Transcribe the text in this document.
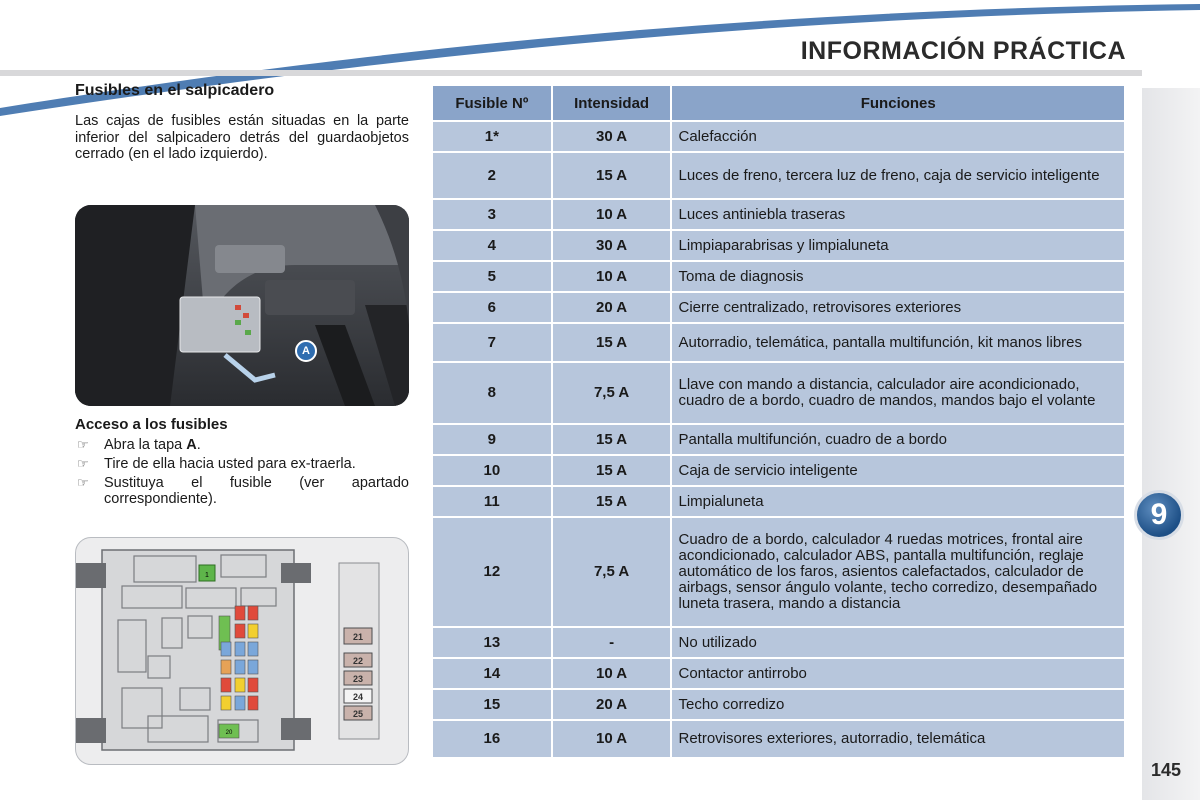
INFORMACIÓN PRÁCTICA
9
145
Fusibles en el salpicadero

Las cajas de fusibles están situadas en la parte inferior del salpicadero detrás del guardaobjetos cerrado (en el lado izquierdo).

A
Acceso a los fusibles
☞ Abra la tapa A.
☞ Tire de ella hacia usted para ex-traerla.
☞ Sustituya el fusible (ver apartado correspondiente).
1
20
21
22
23
24
25
Fusible Nº	Intensidad	Funciones
1*	30 A	Calefacción
2	15 A	Luces de freno, tercera luz de freno, caja de servicio inteligente
3	10 A	Luces antiniebla traseras
4	30 A	Limpiaparabrisas y limpialuneta
5	10 A	Toma de diagnosis
6	20 A	Cierre centralizado, retrovisores exteriores
7	15 A	Autorradio, telemática, pantalla multifunción, kit manos libres
8	7,5 A	Llave con mando a distancia, calculador aire acondicionado, cuadro de a bordo, cuadro de mandos, mandos bajo el volante
9	15 A	Pantalla multifunción, cuadro de a bordo
10	15 A	Caja de servicio inteligente
11	15 A	Limpialuneta
12	7,5 A	Cuadro de a bordo, calculador 4 ruedas motrices, frontal aire acondicionado, calculador ABS, pantalla multifunción, reglaje automático de los faros, asientos calefactados, calculador de airbags, sensor ángulo volante, techo corredizo, desempañado luneta trasera, mando a distancia
13	-	No utilizado
14	10 A	Contactor antirrobo
15	20 A	Techo corredizo
16	10 A	Retrovisores exteriores, autorradio, telemática
